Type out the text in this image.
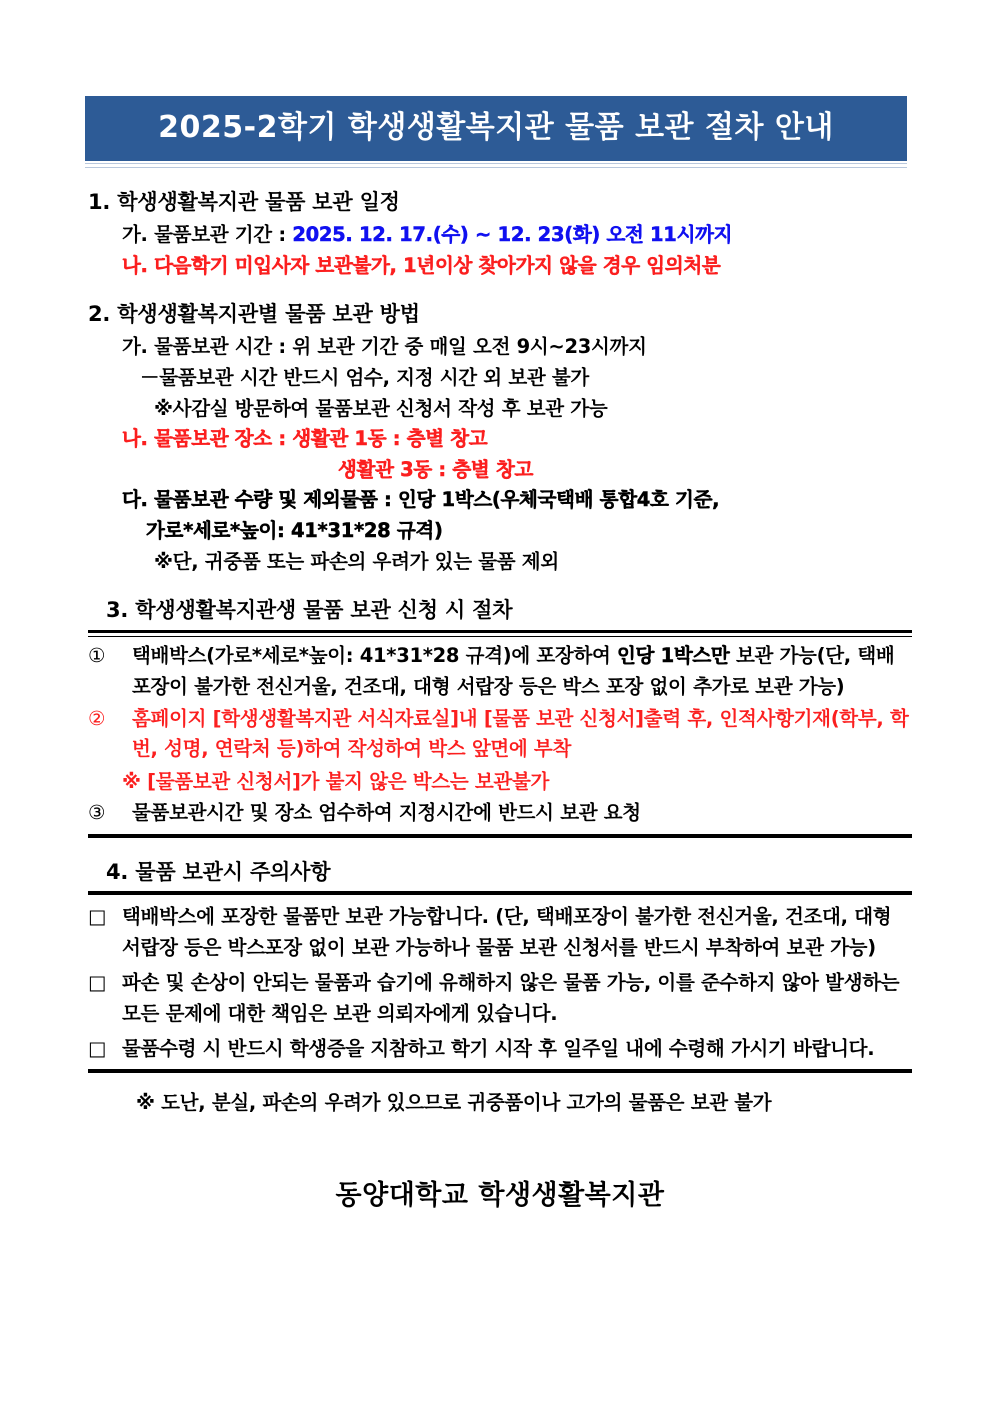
2025-2학기 학생생활복지관 물품 보관 절차 안내
1. 학생생활복지관 물품 보관 일정
가. 물품보관 기간 : 2025. 12. 17.(수) ~ 12. 23(화) 오전 11시까지
나. 다음학기 미입사자 보관불가, 1년이상 찾아가지 않을 경우 임의처분
2. 학생생활복지관별 물품 보관 방법
가. 물품보관 시간 : 위 보관 기간 중 매일 오전 9시~23시까지
－물품보관 시간 반드시 엄수, 지정 시간 외 보관 불가
※사감실 방문하여 물품보관 신청서 작성 후 보관 가능
나. 물품보관 장소 : 생활관 1동 : 층별 창고
생활관 3동 : 층별 창고
다. 물품보관 수량 및 제외물품 : 인당 1박스(우체국택배 통합4호 기준,
가로*세로*높이: 41*31*28 규격)
※단, 귀중품 또는 파손의 우려가 있는 물품 제외
3. 학생생활복지관생 물품 보관 신청 시 절차
① 택배박스(가로*세로*높이: 41*31*28 규격)에 포장하여 인당 1박스만 보관 가능(단, 택배포장이 불가한 전신거울, 건조대, 대형 서랍장 등은 박스 포장 없이 추가로 보관 가능)
② 홈페이지 [학생생활복지관 서식자료실]내 [물품 보관 신청서]출력 후, 인적사항기재(학부, 학번, 성명, 연락처 등)하여 작성하여 박스 앞면에 부착
※ [물품보관 신청서]가 붙지 않은 박스는 보관불가
③ 물품보관시간 및 장소 엄수하여 지정시간에 반드시 보관 요청
4. 물품 보관시 주의사항
□ 택배박스에 포장한 물품만 보관 가능합니다. (단, 택배포장이 불가한 전신거울, 건조대, 대형 서랍장 등은 박스포장 없이 보관 가능하나 물품 보관 신청서를 반드시 부착하여 보관 가능)
□ 파손 및 손상이 안되는 물품과 습기에 유해하지 않은 물품 가능, 이를 준수하지 않아 발생하는 모든 문제에 대한 책임은 보관 의뢰자에게 있습니다.
□ 물품수령 시 반드시 학생증을 지참하고 학기 시작 후 일주일 내에 수령해 가시기 바랍니다.
※ 도난, 분실, 파손의 우려가 있으므로 귀중품이나 고가의 물품은 보관 불가
동양대학교 학생생활복지관
